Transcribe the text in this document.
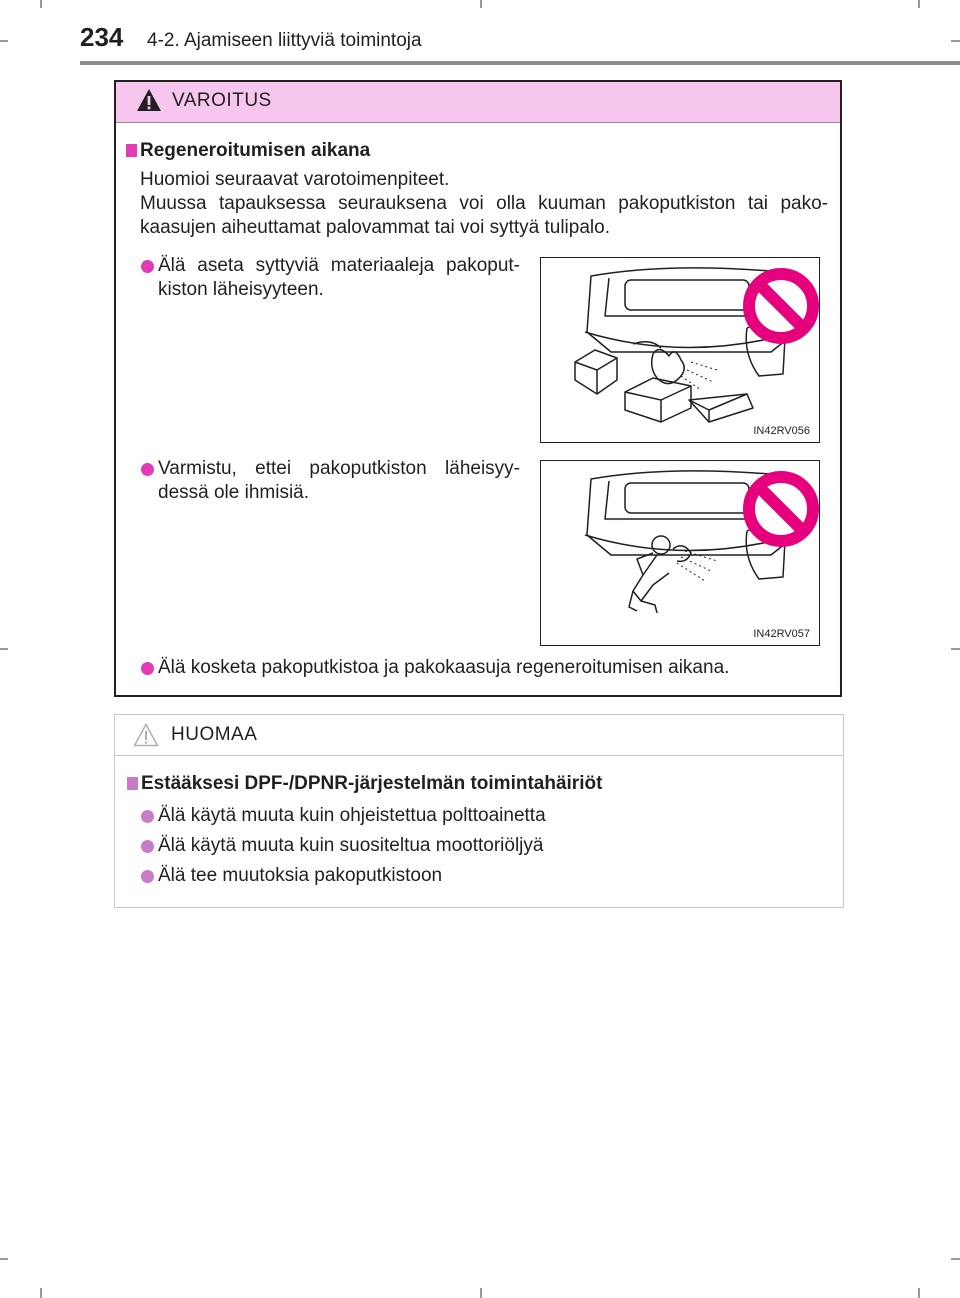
234 4-2. Ajamiseen liittyviä toimintoja
VAROITUS
Regeneroitumisen aikana
Huomioi seuraavat varotoimenpiteet.
Muussa tapauksessa seurauksena voi olla kuuman pakoputkiston tai pako-
kaasujen aiheuttamat palovammat tai voi syttyä tulipalo.
Älä aseta syttyviä materiaaleja pakoput- kiston läheisyyteen.
IN42RV056
Varmistu, ettei pakoputkiston läheisyy- dessä ole ihmisiä.
IN42RV057
Älä kosketa pakoputkistoa ja pakokaasuja regeneroitumisen aikana.
HUOMAA
Estääksesi DPF-/DPNR-järjestelmän toimintahäiriöt
Älä käytä muuta kuin ohjeistettua polttoainetta
Älä käytä muuta kuin suositeltua moottoriöljyä
Älä tee muutoksia pakoputkistoon
